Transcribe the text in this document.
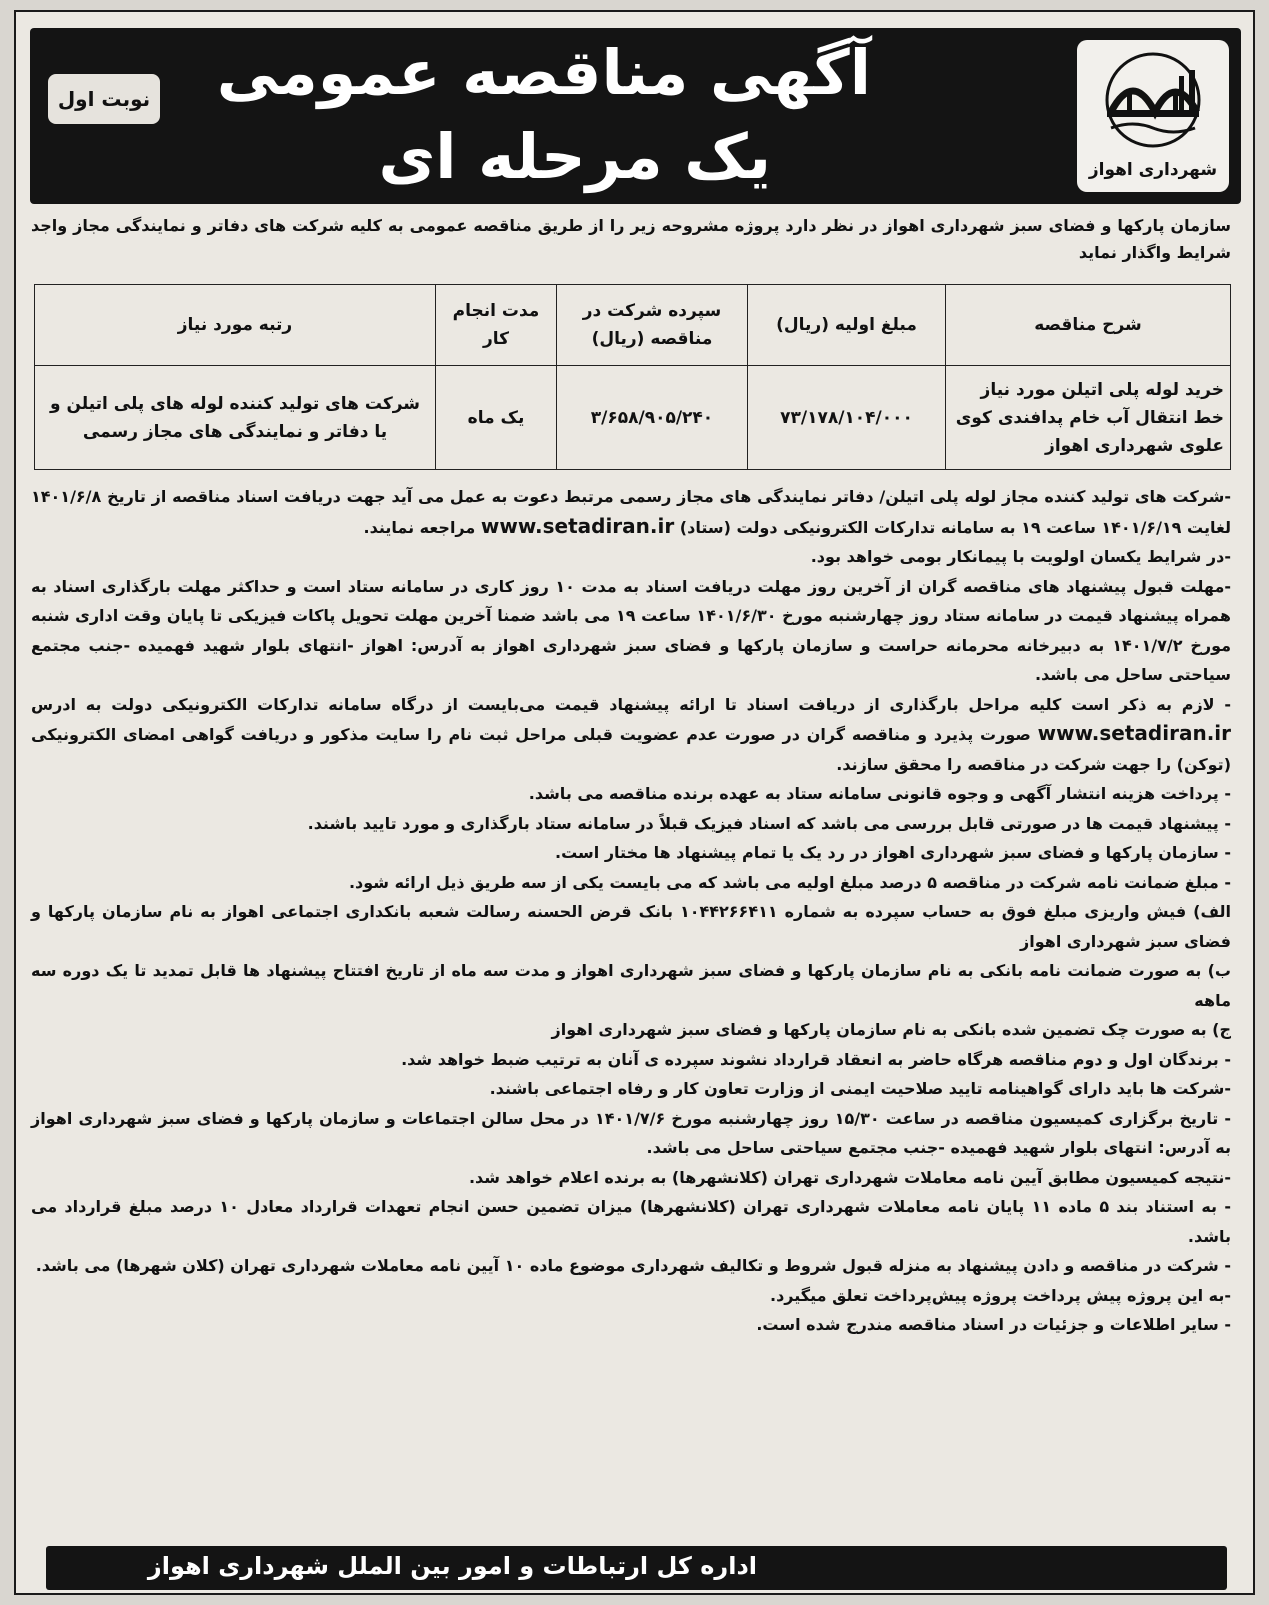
شهرداری اهواز
آگهی مناقصه عمومی
یک مرحله ای
نوبت اول
سازمان پارکها و فضای سبز شهرداری اهواز در نظر دارد پروژه مشروحه زیر را از طریق مناقصه عمومی به کلیه شرکت های دفاتر و نمایندگی مجاز واجد شرایط واگذار نماید
شرح مناقصه	مبلغ اولیه (ریال)	سپرده شرکت در مناقصه (ریال)	مدت انجام کار	رتبه مورد نیاز
خرید لوله پلی اتیلن مورد نیاز خط انتقال آب خام پدافندی کوی علوی شهرداری اهواز	۷۳/۱۷۸/۱۰۴/۰۰۰	۳/۶۵۸/۹۰۵/۲۴۰	یک ماه	شرکت های تولید کننده لوله های پلی اتیلن و یا دفاتر و نمایندگی های مجاز رسمی

-شرکت های تولید کننده مجاز لوله پلی اتیلن/ دفاتر نمایندگی های مجاز رسمی مرتبط دعوت به عمل می آید جهت دریافت اسناد مناقصه از تاریخ ۱۴۰۱/۶/۸ لغایت ۱۴۰۱/۶/۱۹ ساعت ۱۹ به سامانه تدارکات الکترونیکی دولت (ستاد) www.setadiran.ir مراجعه نمایند.

-در شرایط یکسان اولویت با پیمانکار بومی خواهد بود.

-مهلت قبول پیشنهاد های مناقصه گران از آخرین روز مهلت دریافت اسناد به مدت ۱۰ روز کاری در سامانه ستاد است و حداکثر مهلت بارگذاری اسناد به همراه پیشنهاد قیمت در سامانه ستاد روز چهارشنبه مورخ ۱۴۰۱/۶/۳۰ ساعت ۱۹ می باشد ضمنا آخرین مهلت تحویل پاکات فیزیکی تا پایان وقت اداری شنبه مورخ ۱۴۰۱/۷/۲ به دبیرخانه محرمانه حراست و سازمان پارکها و فضای سبز شهرداری اهواز به آدرس: اهواز -انتهای بلوار شهید فهمیده -جنب مجتمع سیاحتی ساحل می باشد.

- لازم به ذکر است کلیه مراحل بارگذاری از دریافت اسناد تا ارائه پیشنهاد قیمت می‌بایست از درگاه سامانه تدارکات الکترونیکی دولت به ادرس www.setadiran.ir صورت پذیرد و مناقصه گران در صورت عدم عضویت قبلی مراحل ثبت نام را سایت مذکور و دریافت گواهی امضای الکترونیکی (توکن) را جهت شرکت در مناقصه را محقق سازند.

- پرداخت هزینه انتشار آگهی و وجوه قانونی سامانه ستاد به عهده برنده مناقصه می باشد.

- پیشنهاد قیمت ها در صورتی قابل بررسی می باشد که اسناد فیزیک قبلاً در سامانه ستاد بارگذاری و مورد تایید باشند.

- سازمان پارکها و فضای سبز شهرداری اهواز در رد یک یا تمام پیشنهاد ها مختار است.

- مبلغ ضمانت نامه شرکت در مناقصه ۵ درصد مبلغ اولیه می باشد که می بایست یکی از سه طریق ذیل ارائه شود.

الف) فیش واریزی مبلغ فوق به حساب سپرده به شماره ۱۰۴۴۲۶۶۴۱۱ بانک قرض الحسنه رسالت شعبه بانکداری اجتماعی اهواز به نام سازمان پارکها و فضای سبز شهرداری اهواز

ب) به صورت ضمانت نامه بانکی به نام سازمان پارکها و فضای سبز شهرداری اهواز و مدت سه ماه از تاریخ افتتاح پیشنهاد ها قابل تمدید تا یک دوره سه ماهه

ج) به صورت چک تضمین شده بانکی به نام سازمان پارکها و فضای سبز شهرداری اهواز

- برندگان اول و دوم مناقصه هرگاه حاضر به انعقاد قرارداد نشوند سپرده ی آنان به ترتیب ضبط خواهد شد.

-شرکت ها باید دارای گواهینامه تایید صلاحیت ایمنی از وزارت تعاون کار و رفاه اجتماعی باشند.

- تاریخ برگزاری کمیسیون مناقصه در ساعت ۱۵/۳۰ روز چهارشنبه مورخ ۱۴۰۱/۷/۶ در محل سالن اجتماعات و سازمان پارکها و فضای سبز شهرداری اهواز به آدرس: انتهای بلوار شهید فهمیده -جنب مجتمع سیاحتی ساحل می باشد.

-نتیجه کمیسیون مطابق آیین نامه معاملات شهرداری تهران (کلانشهرها) به برنده اعلام خواهد شد.

- به استناد بند ۵ ماده ۱۱ پایان نامه معاملات شهرداری تهران (کلانشهرها) میزان تضمین حسن انجام تعهدات قرارداد معادل ۱۰ درصد مبلغ قرارداد می باشد.

- شرکت در مناقصه و دادن پیشنهاد به منزله قبول شروط و تکالیف شهرداری موضوع ماده ۱۰ آیین نامه معاملات شهرداری تهران (کلان شهرها) می باشد.

-به این پروژه پیش پرداخت پروژه پیش‌پرداخت تعلق میگیرد.

- سایر اطلاعات و جزئیات در اسناد مناقصه مندرج شده است.

اداره کل ارتباطات و امور بین الملل شهرداری اهواز
